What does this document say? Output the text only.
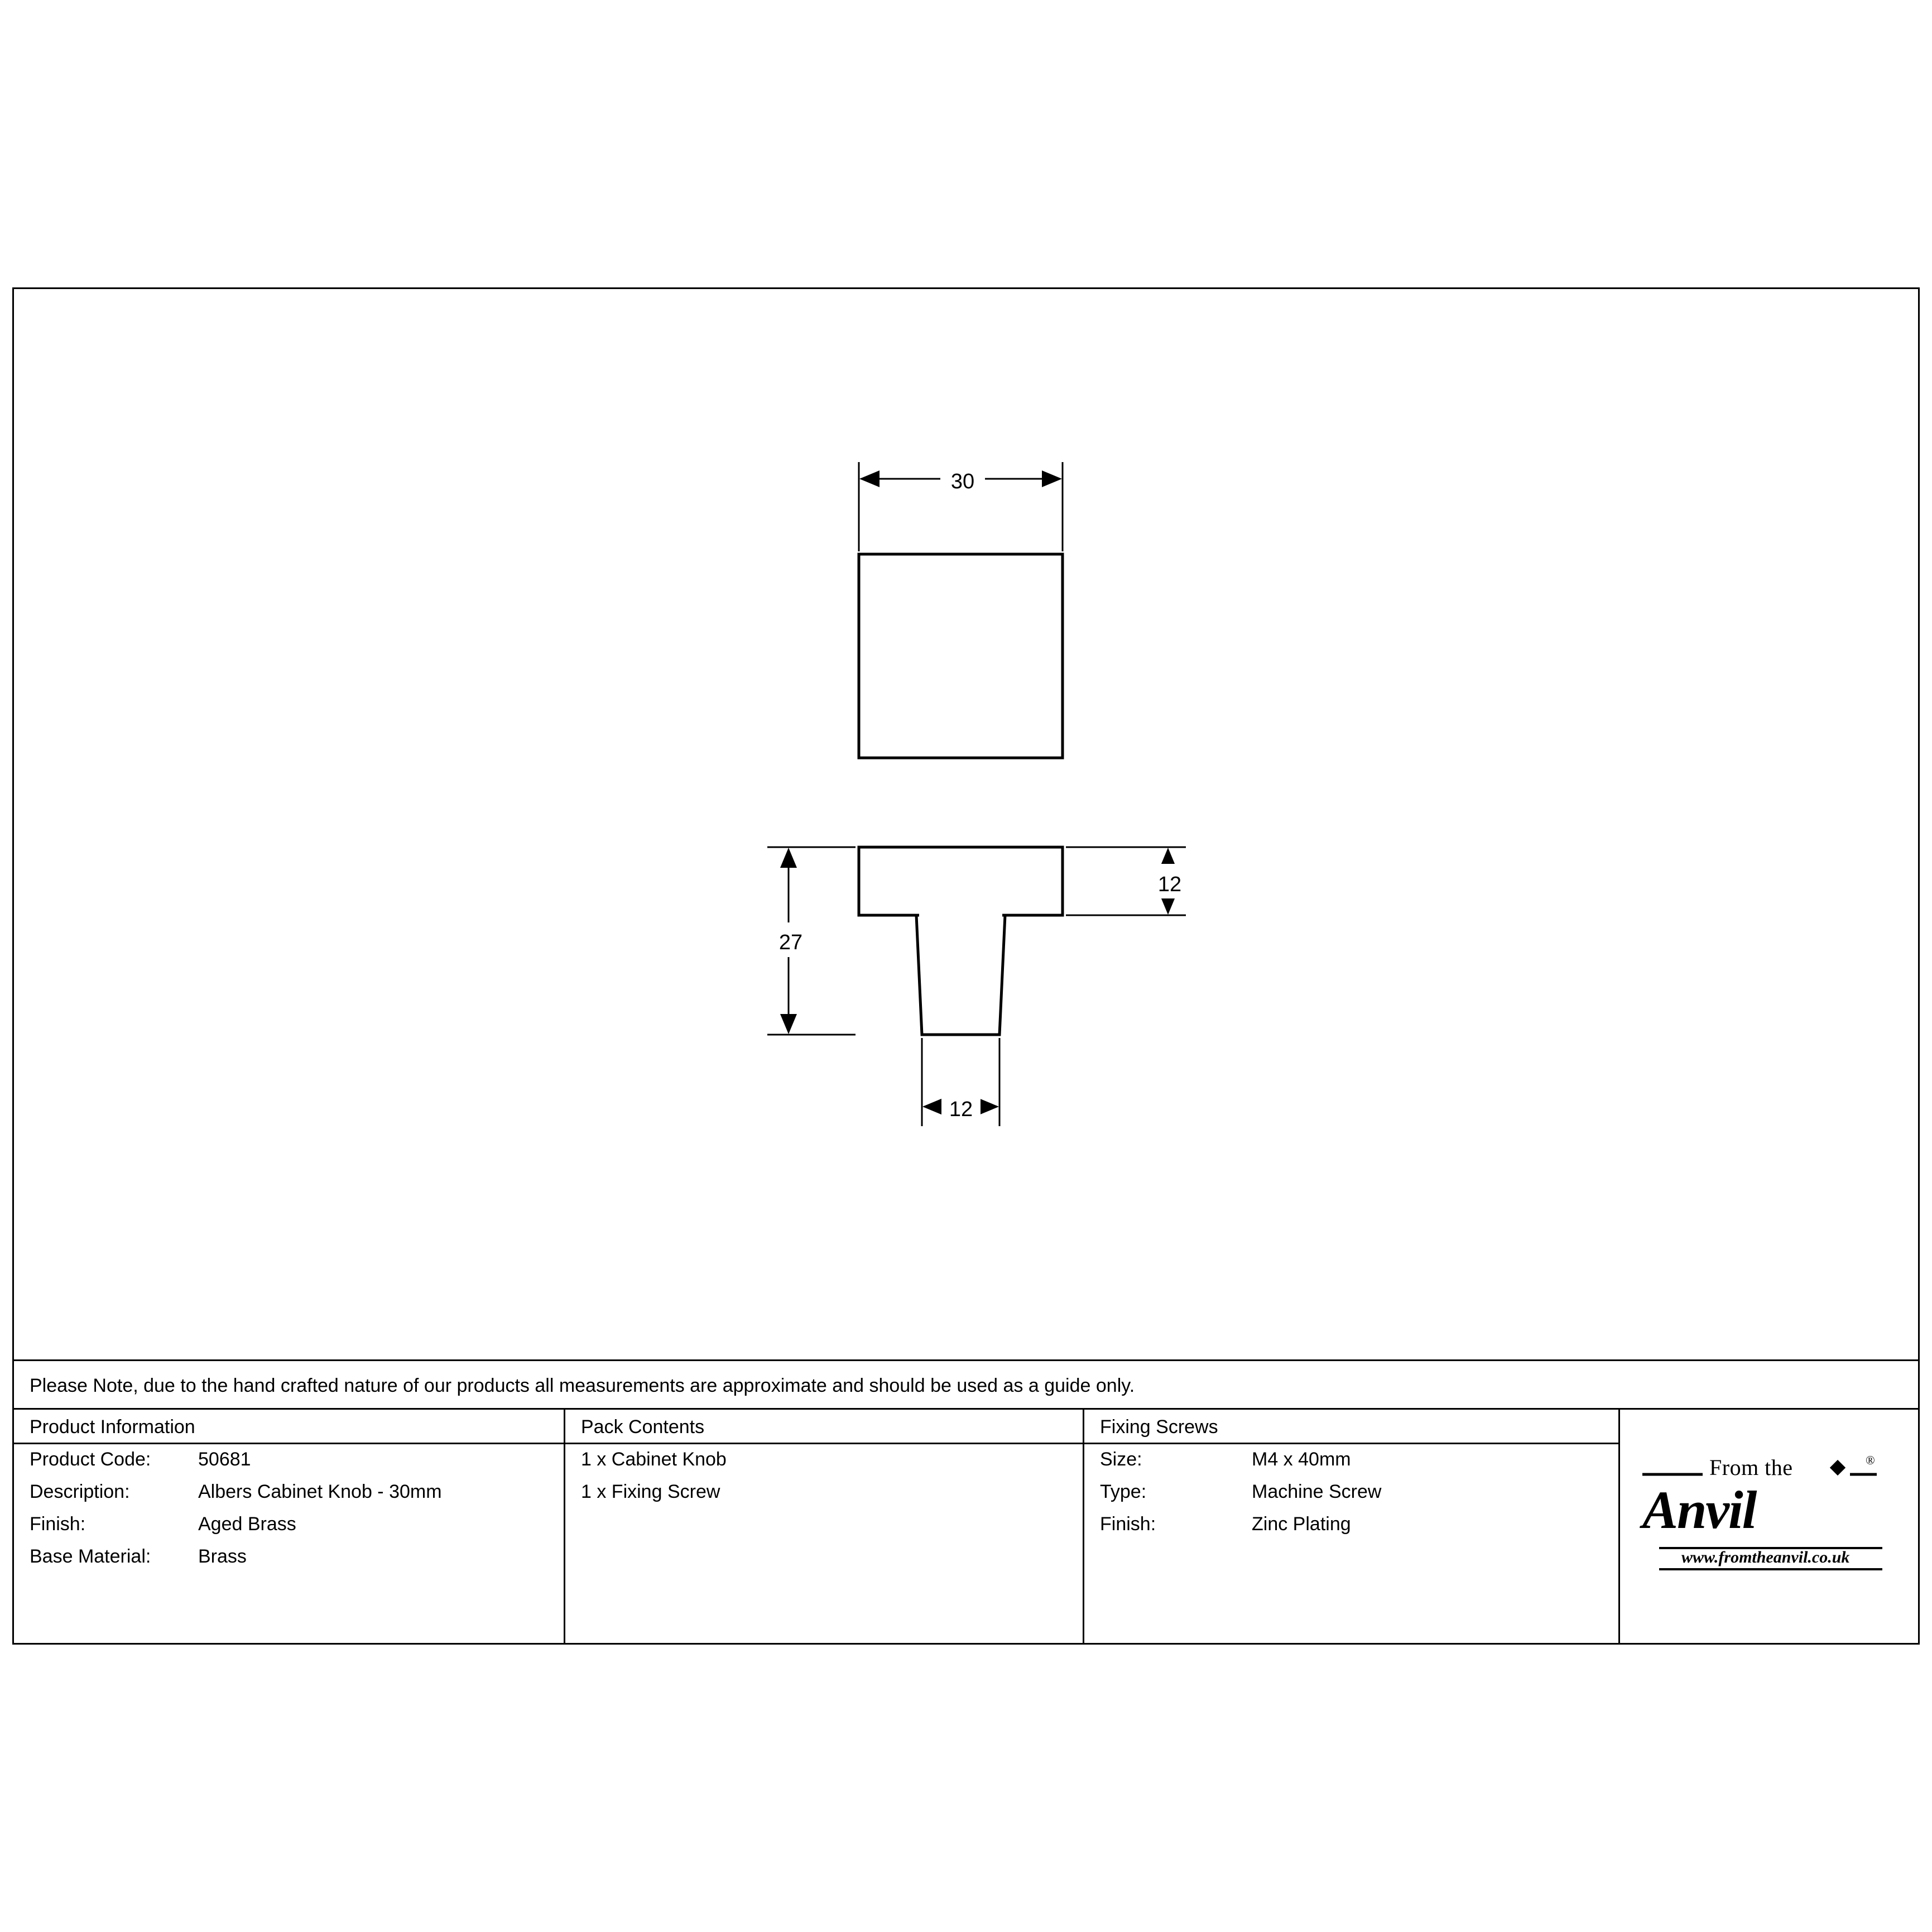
30
27
12
12
Please Note, due to the hand crafted nature of our products all measurements are approximate and should be used as a guide only.
Product Information
Product Code: 50681
Description:	Albers Cabinet Knob - 30mm
Finish:	Aged Brass
Base Material: Brass
Pack Contents
1 x Cabinet Knob
1 x Fixing Screw
Fixing Screws
Size:	M4 x 40mm
Type:	Machine Screw
Finish:	Zinc Plating
From the	®
Anvil
www.fromtheanvil.co.uk
